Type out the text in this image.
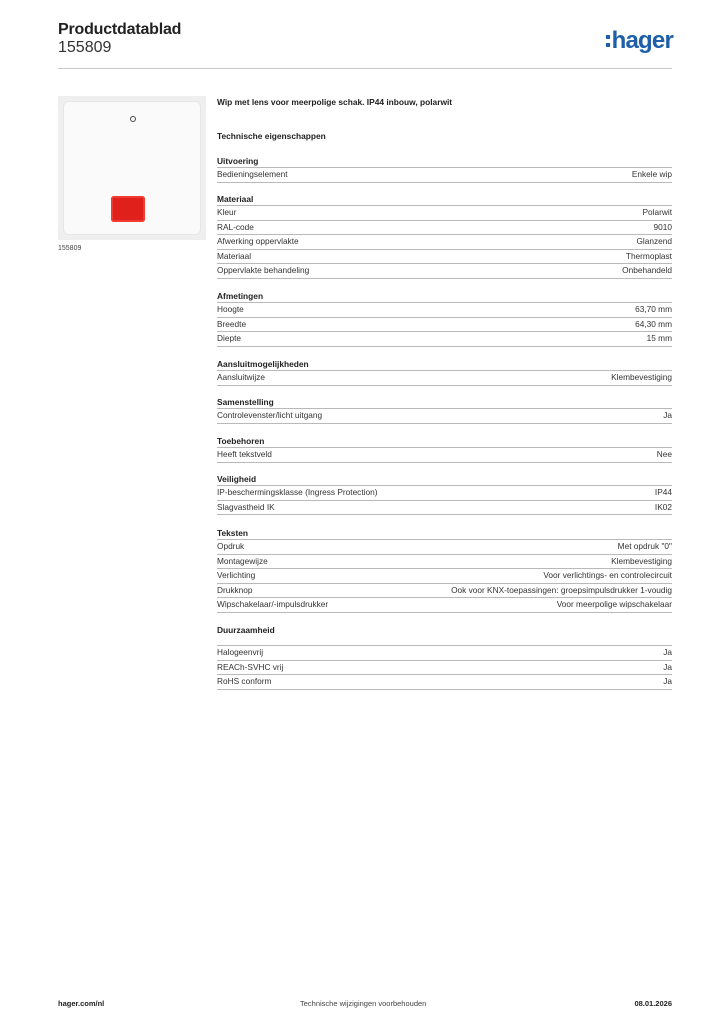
Productdatablad
155809	hager
155809
Wip met lens voor meerpolige schak. IP44 inbouw, polarwit
Technische eigenschappen
Uitvoering
Bedieningselement	Enkele wip
Materiaal
Kleur	Polarwit
RAL-code	9010
Afwerking oppervlakte	Glanzend
Materiaal	Thermoplast
Oppervlakte behandeling	Onbehandeld
Afmetingen
Hoogte	63,70 mm
Breedte	64,30 mm
Diepte	15 mm
Aansluitmogelijkheden
Aansluitwijze	Klembevestiging
Samenstelling
Controlevenster/licht uitgang	Ja
Toebehoren
Heeft tekstveld	Nee
Veiligheid
IP-beschermingsklasse (Ingress Protection)	IP44
Slagvastheid IK	IK02
Teksten
Opdruk	Met opdruk "0"
Montagewijze	Klembevestiging
Verlichting	Voor verlichtings- en controlecircuit
Drukknop	Ook voor KNX-toepassingen: groepsimpulsdrukker 1-voudig
Wipschakelaar/-impulsdrukker	Voor meerpolige wipschakelaar
Duurzaamheid
Halogeenvrij	Ja
REACh-SVHC vrij	Ja
RoHS conform	Ja
hager.com/nl	Technische wijzigingen voorbehouden	08.01.2026
